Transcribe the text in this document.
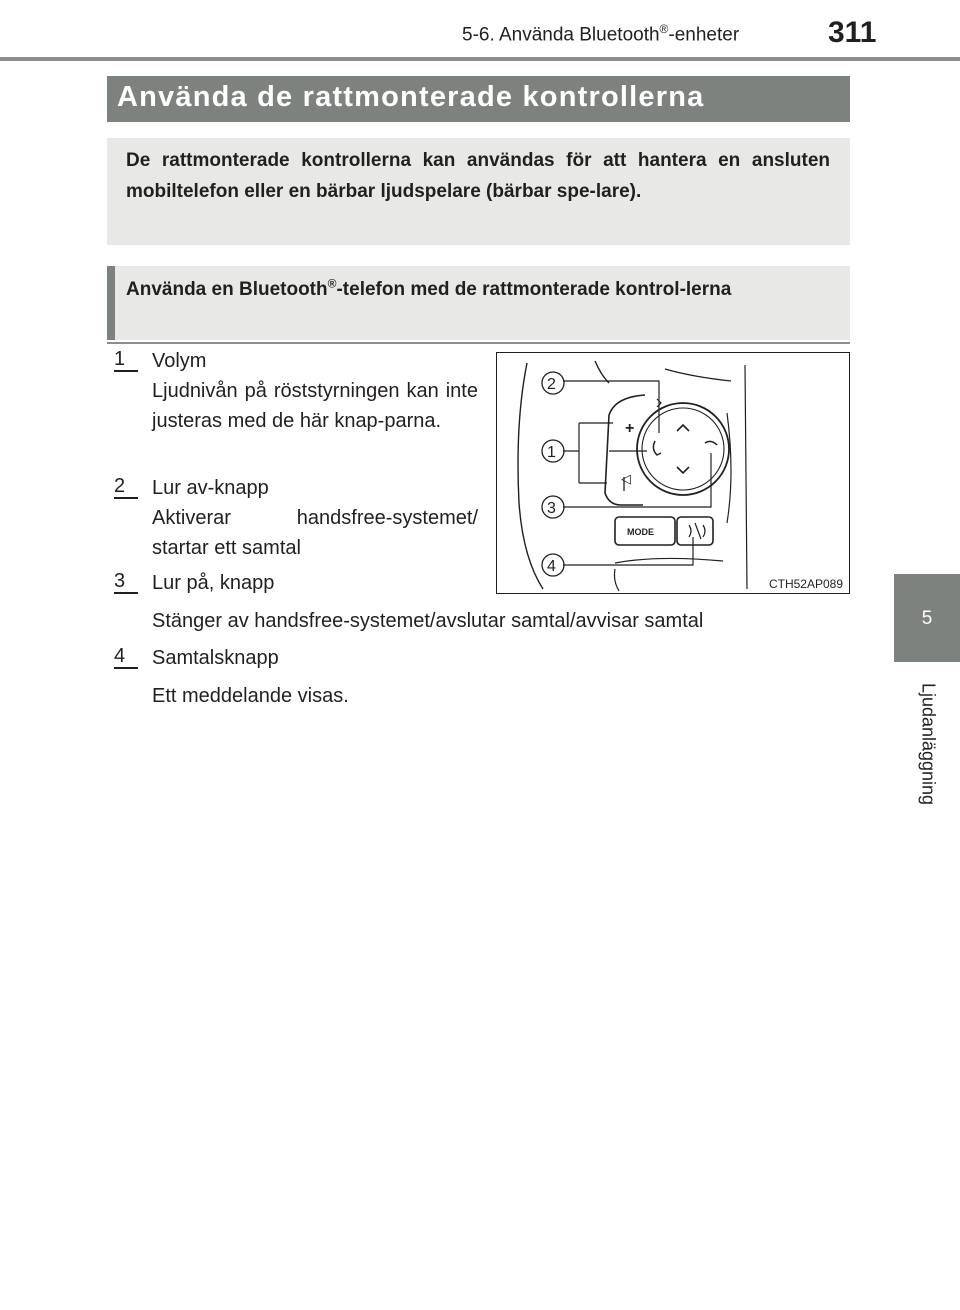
5-6. Använda Bluetooth®-enheter	311
5
Ljudanläggning
Använda de rattmonterade kontrollerna
De rattmonterade kontrollerna kan användas för att hantera en ansluten mobiltelefon eller en bärbar ljudspelare (bärbar spe-lare).
Använda en Bluetooth®-telefon med de rattmonterade kontrol-lerna
1 Volym
Ljudnivån på röststyrningen kan inte justeras med de här knap-parna.
2 Lur av-knapp
Aktiverar handsfree-systemet/ startar ett samtal
3 Lur på, knapp
Stänger av handsfree-systemet/avslutar samtal/avvisar samtal
4 Samtalsknapp
Ett meddelande visas.
+
◁
MODE
2
1
3
4
CTH52AP089
